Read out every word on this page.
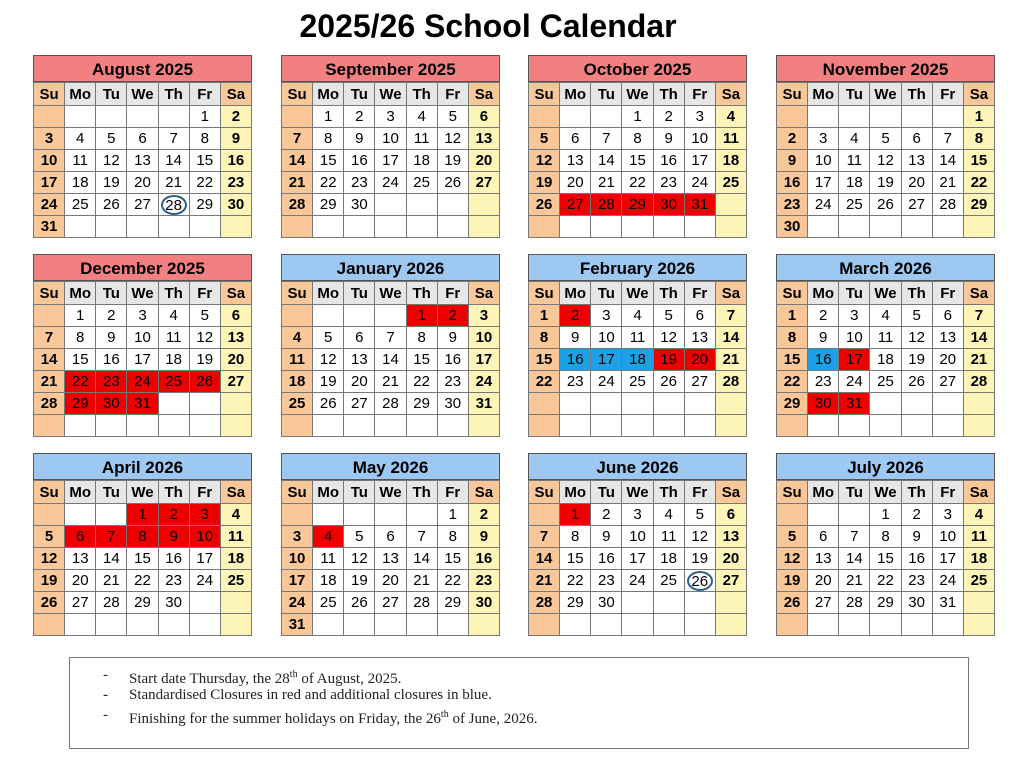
2025/26 School Calendar
August 2025
Su	Mo	Tu	We	Th	Fr	Sa
					1	2
3	4	5	6	7	8	9
10	11	12	13	14	15	16
17	18	19	20	21	22	23
24	25	26	27	28	29	30
31						
September 2025
Su	Mo	Tu	We	Th	Fr	Sa
	1	2	3	4	5	6
7	8	9	10	11	12	13
14	15	16	17	18	19	20
21	22	23	24	25	26	27
28	29	30				

October 2025
Su	Mo	Tu	We	Th	Fr	Sa
			1	2	3	4
5	6	7	8	9	10	11
12	13	14	15	16	17	18
19	20	21	22	23	24	25
26	27	28	29	30	31	

November 2025
Su	Mo	Tu	We	Th	Fr	Sa
						1
2	3	4	5	6	7	8
9	10	11	12	13	14	15
16	17	18	19	20	21	22
23	24	25	26	27	28	29
30						
December 2025
Su	Mo	Tu	We	Th	Fr	Sa
	1	2	3	4	5	6
7	8	9	10	11	12	13
14	15	16	17	18	19	20
21	22	23	24	25	26	27
28	29	30	31			

January 2026
Su	Mo	Tu	We	Th	Fr	Sa
				1	2	3
4	5	6	7	8	9	10
11	12	13	14	15	16	17
18	19	20	21	22	23	24
25	26	27	28	29	30	31

February 2026
Su	Mo	Tu	We	Th	Fr	Sa
1	2	3	4	5	6	7
8	9	10	11	12	13	14
15	16	17	18	19	20	21
22	23	24	25	26	27	28

March 2026
Su	Mo	Tu	We	Th	Fr	Sa
1	2	3	4	5	6	7
8	9	10	11	12	13	14
15	16	17	18	19	20	21
22	23	24	25	26	27	28
29	30	31				

April 2026
Su	Mo	Tu	We	Th	Fr	Sa
			1	2	3	4
5	6	7	8	9	10	11
12	13	14	15	16	17	18
19	20	21	22	23	24	25
26	27	28	29	30		

May 2026
Su	Mo	Tu	We	Th	Fr	Sa
					1	2
3	4	5	6	7	8	9
10	11	12	13	14	15	16
17	18	19	20	21	22	23
24	25	26	27	28	29	30
31						
June 2026
Su	Mo	Tu	We	Th	Fr	Sa
	1	2	3	4	5	6
7	8	9	10	11	12	13
14	15	16	17	18	19	20
21	22	23	24	25	26	27
28	29	30				

July 2026
Su	Mo	Tu	We	Th	Fr	Sa
			1	2	3	4
5	6	7	8	9	10	11
12	13	14	15	16	17	18
19	20	21	22	23	24	25
26	27	28	29	30	31	

- Start date Thursday, the 28th of August, 2025.
- Standardised Closures in red and additional closures in blue.
- Finishing for the summer holidays on Friday, the 26th of June, 2026.
